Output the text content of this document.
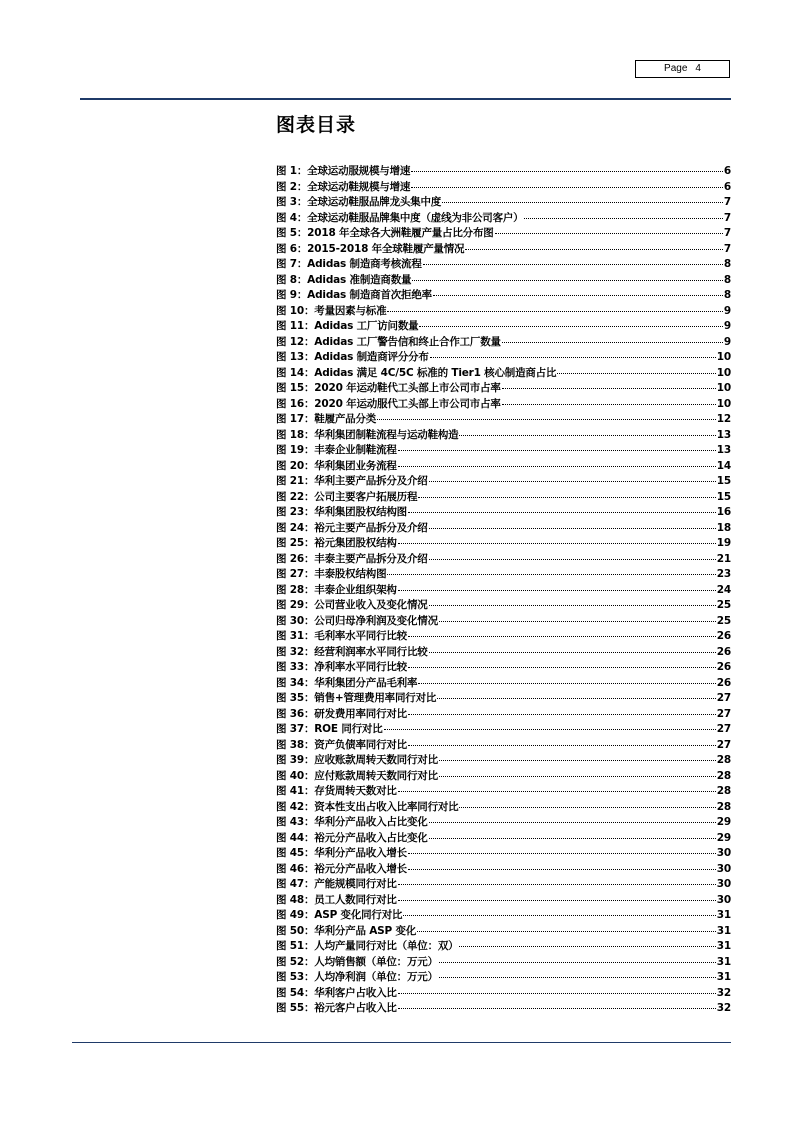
Page 4
图表目录
图 1： 全球运动服规模与增速	6
图 2： 全球运动鞋规模与增速	6
图 3： 全球运动鞋服品牌龙头集中度	7
图 4： 全球运动鞋服品牌集中度（虚线为非公司客户）	7
图 5： 2018 年全球各大洲鞋履产量占比分布图	7
图 6： 2015-2018 年全球鞋履产量情况	7
图 7： Adidas 制造商考核流程	8
图 8： Adidas 准制造商数量	8
图 9： Adidas 制造商首次拒绝率	8
图 10： 考量因素与标准	9
图 11： Adidas 工厂访问数量	9
图 12： Adidas 工厂警告信和终止合作工厂数量	9
图 13： Adidas 制造商评分分布	10
图 14： Adidas 满足 4C/5C 标准的 Tier1 核心制造商占比	10
图 15： 2020 年运动鞋代工头部上市公司市占率	10
图 16： 2020 年运动服代工头部上市公司市占率	10
图 17： 鞋履产品分类	12
图 18： 华利集团制鞋流程与运动鞋构造	13
图 19： 丰泰企业制鞋流程	13
图 20： 华利集团业务流程	14
图 21： 华利主要产品拆分及介绍	15
图 22： 公司主要客户拓展历程	15
图 23： 华利集团股权结构图	16
图 24： 裕元主要产品拆分及介绍	18
图 25： 裕元集团股权结构	19
图 26： 丰泰主要产品拆分及介绍	21
图 27： 丰泰股权结构图	23
图 28： 丰泰企业组织架构	24
图 29： 公司营业收入及变化情况	25
图 30： 公司归母净利润及变化情况	25
图 31： 毛利率水平同行比较	26
图 32： 经营利润率水平同行比较	26
图 33： 净利率水平同行比较	26
图 34： 华利集团分产品毛利率	26
图 35： 销售+管理费用率同行对比	27
图 36： 研发费用率同行对比	27
图 37： ROE 同行对比	27
图 38： 资产负债率同行对比	27
图 39： 应收账款周转天数同行对比	28
图 40： 应付账款周转天数同行对比	28
图 41： 存货周转天数对比	28
图 42： 资本性支出占收入比率同行对比	28
图 43： 华利分产品收入占比变化	29
图 44： 裕元分产品收入占比变化	29
图 45： 华利分产品收入增长	30
图 46： 裕元分产品收入增长	30
图 47： 产能规模同行对比	30
图 48： 员工人数同行对比	30
图 49： ASP 变化同行对比	31
图 50： 华利分产品 ASP 变化	31
图 51： 人均产量同行对比（单位：双）	31
图 52： 人均销售额（单位：万元）	31
图 53： 人均净利润（单位：万元）	31
图 54： 华利客户占收入比	32
图 55： 裕元客户占收入比	32
